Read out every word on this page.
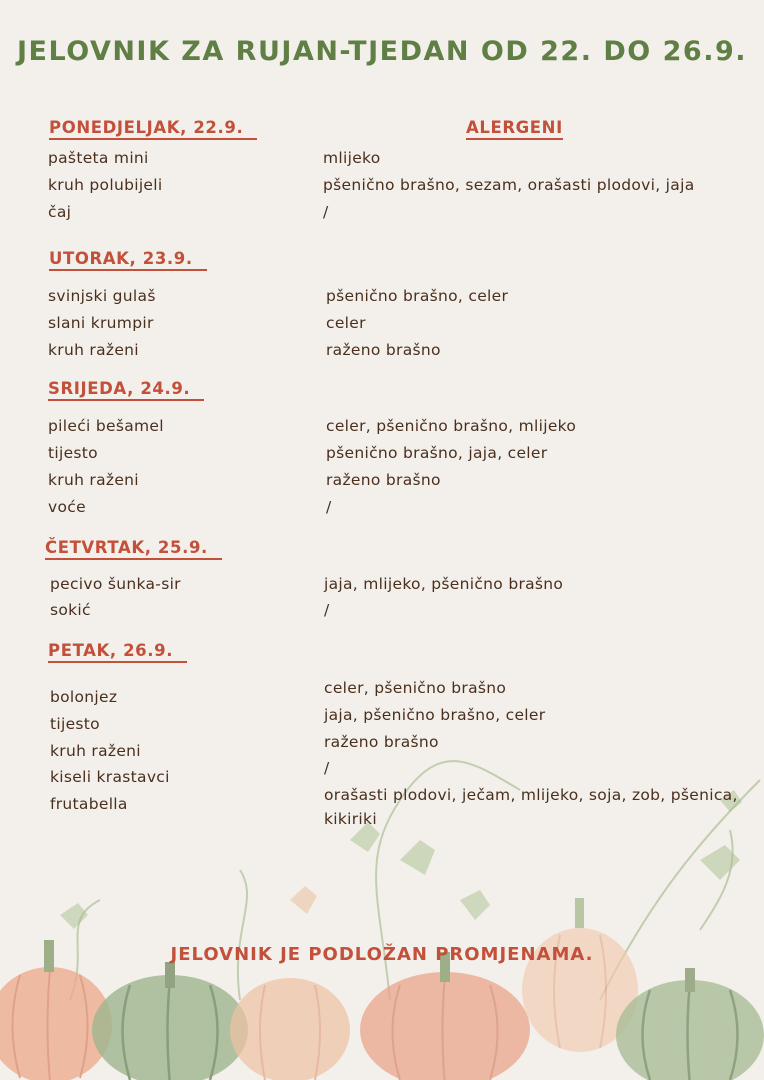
JELOVNIK ZA RUJAN-TJEDAN OD 22. DO 26.9.
ALERGENI
PONEDJELJAK, 22.9.
pašteta mini	mlijeko
kruh polubijeli	pšenično brašno, sezam, orašasti plodovi, jaja
čaj	/
UTORAK, 23.9.
svinjski gulaš	pšenično brašno, celer
slani krumpir	celer
kruh raženi	raženo brašno
SRIJEDA, 24.9.
pileći bešamel	celer, pšenično brašno, mlijeko
tijesto	pšenično brašno, jaja, celer
kruh raženi	raženo brašno
voće	/
ČETVRTAK, 25.9.
pecivo šunka-sir	jaja, mlijeko, pšenično brašno
sokić	/
PETAK, 26.9.
bolonjez	celer, pšenično brašno
tijesto	jaja, pšenično brašno, celer
kruh raženi	raženo brašno
kiseli krastavci	/
frutabella	orašasti plodovi, ječam, mlijeko, soja, zob, pšenica,
kikiriki
JELOVNIK JE PODLOŽAN PROMJENAMA.
